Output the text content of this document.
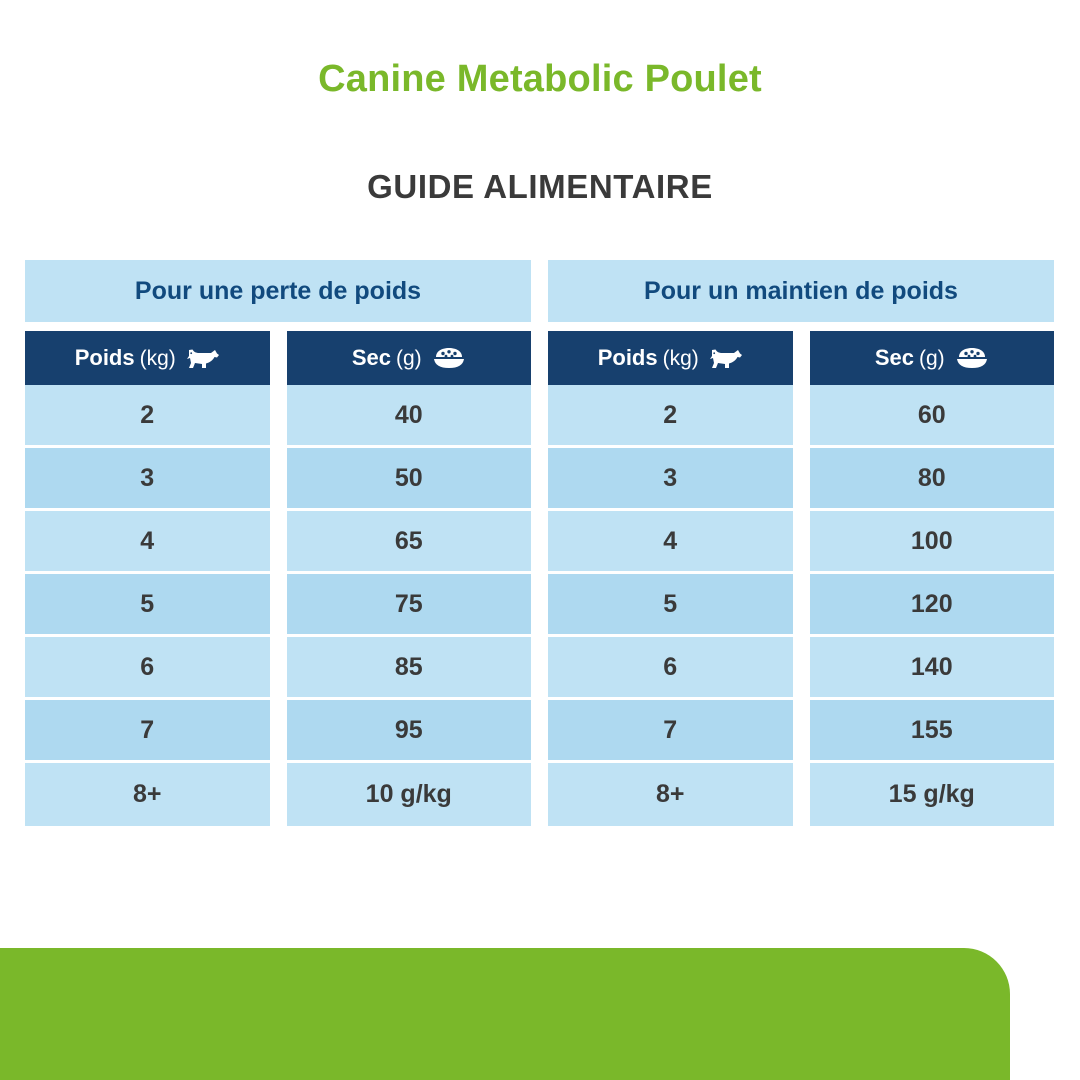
Canine Metabolic Poulet
GUIDE ALIMENTAIRE
Pour une perte de poids
Poids (kg)
2
3
4
5
6
7
8+
Sec (g)
40
50
65
75
85
95
10 g/kg
Pour un maintien de poids
Poids (kg)
2
3
4
5
6
7
8+
Sec (g)
60
80
100
120
140
155
15 g/kg
